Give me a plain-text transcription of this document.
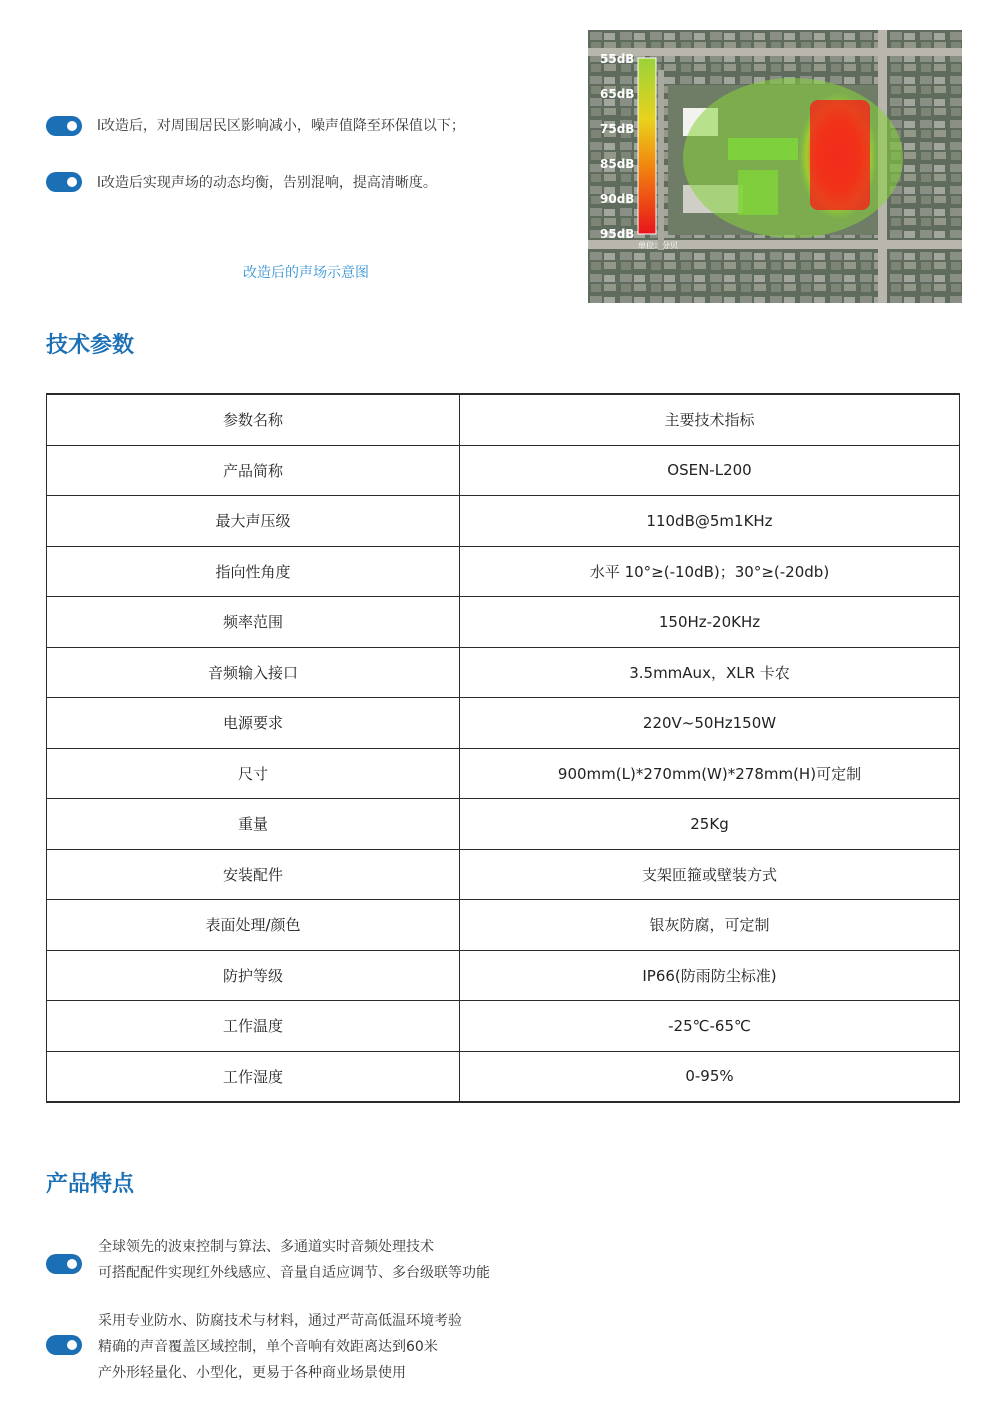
l改造后，对周围居民区影响减小，噪声值降至环保值以下；
l改造后实现声场的动态均衡，告别混响，提高清晰度。
改造后的声场示意图
55dB
65dB
75dB
85dB
90dB
95dB
单位：分贝
技术参数
参数名称	主要技术指标
产品简称	OSEN-L200
最大声压级	110dB@5m1KHz
指向性角度	水平 10°≥(-10dB)；30°≥(-20db)
频率范围	150Hz-20KHz
音频输入接口	3.5mmAux，XLR 卡农
电源要求	220V~50Hz150W
尺寸	900mm(L)*270mm(W)*278mm(H)可定制
重量	25Kg
安装配件	支架匝箍或壁装方式
表面处理/颜色	银灰防腐，可定制
防护等级	IP66(防雨防尘标准)
工作温度	-25℃-65℃
工作湿度	0-95%
产品特点
全球领先的波束控制与算法、多通道实时音频处理技术
可搭配配件实现红外线感应、音量自适应调节、多台级联等功能
采用专业防水、防腐技术与材料，通过严苛高低温环境考验
精确的声音覆盖区域控制，单个音响有效距离达到60米
产外形轻量化、小型化，更易于各种商业场景使用
